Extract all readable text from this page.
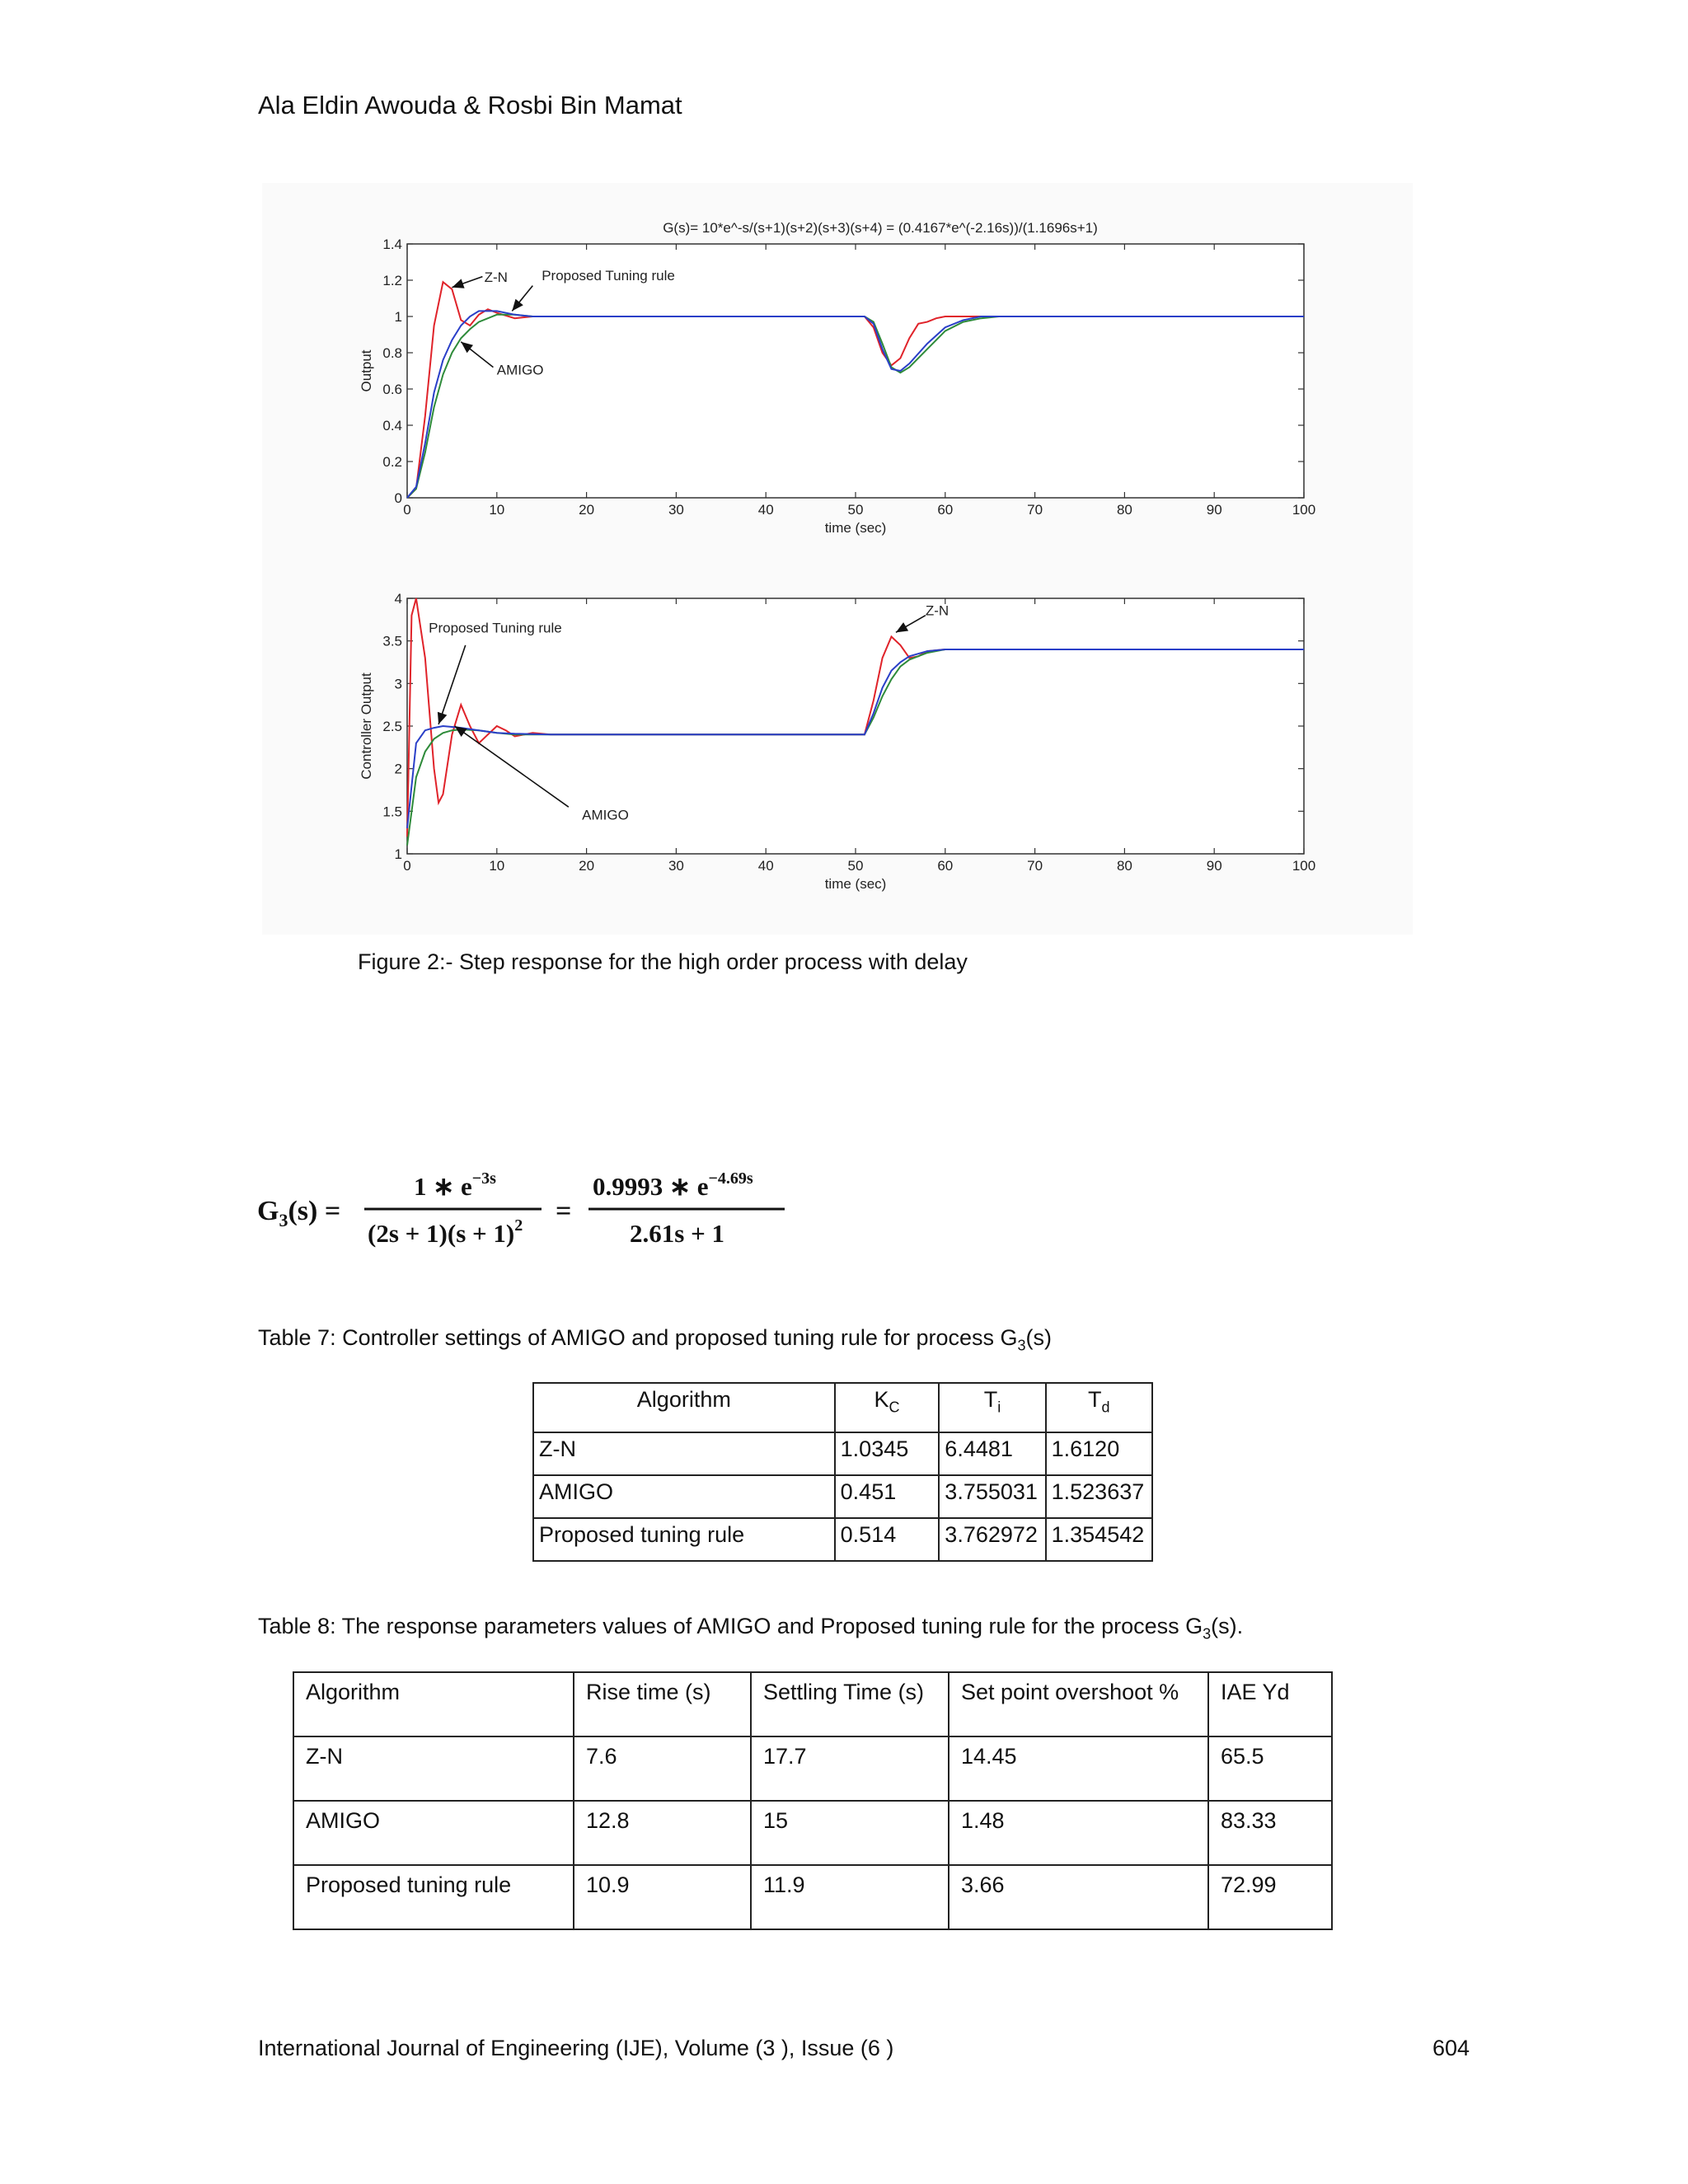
Ala Eldin Awouda & Rosbi Bin Mamat
0	10	20	30	40	50	60	70	80	90	100
0
0.2
0.4
0.6
0.8
1
1.2
1.4
time (sec)
Output
G(s)= 10*e^-s/(s+1)(s+2)(s+3)(s+4) = (0.4167*e^(-2.16s))/(1.1696s+1)
0	10	20	30	40	50	60	70	80	90	100
1
1.5
2
2.5
3
3.5
4
time (sec)
Controller Output
Z-N Proposed Tuning rule
AMIGO
Proposed Tuning rule
Z-N
AMIGO
Figure 2:- Step response for the high order process with delay
$G_3(s)$ =
1 ∗ $e^{-3s}$
$(2s + 1)(s + 1)^2$ =
0.9993 ∗ $e^{-4.69s}$
2.61s + 1
Table 7: Controller settings of AMIGO and proposed tuning rule for process $G_3(s)$
Algorithm	$K_C$	$T_i$	$T_d$
Z-N	1.0345	6.4481	1.6120
AMIGO	0.451	3.755031	1.523637
Proposed tuning rule	0.514	3.762972	1.354542
Table 8: The response parameters values of AMIGO and Proposed tuning rule for the process $G_3(s)$.
Algorithm	Rise time (s)	Settling Time (s)	Set point overshoot %	IAE Yd
Z-N	7.6	17.7	14.45	65.5
AMIGO	12.8	15	1.48	83.33
Proposed tuning rule	10.9	11.9	3.66	72.99
International Journal of Engineering (IJE), Volume (3 ), Issue (6 )	604
